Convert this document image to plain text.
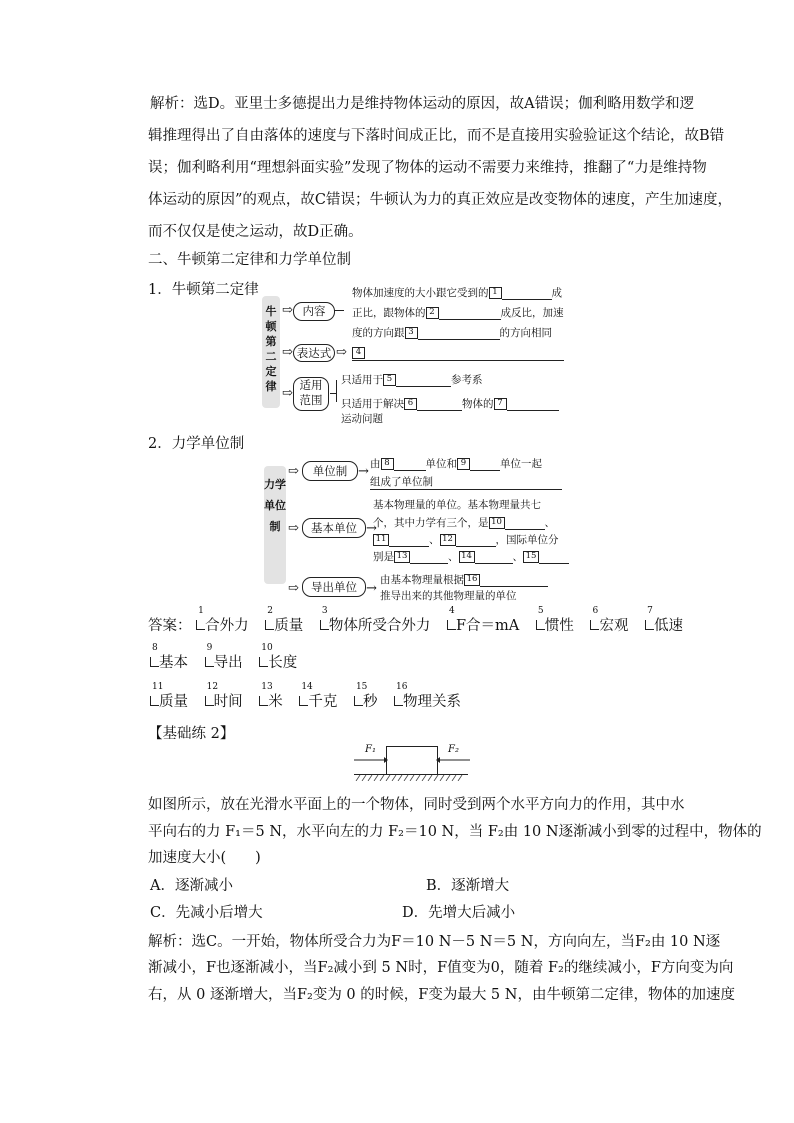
解析：选D。亚里士多德提出力是维持物体运动的原因，故A错误；伽利略用数学和逻
辑推理得出了自由落体的速度与下落时间成正比，而不是直接用实验验证这个结论，故B错
误；伽利略利用“理想斜面实验”发现了物体的运动不需要力来维持，推翻了“力是维持物
体运动的原因”的观点，故C错误；牛顿认为力的真正效应是改变物体的速度，产生加速度，
而不仅仅是使之运动，故D正确。
二、牛顿第二定律和力学单位制
1．牛顿第二定律
牛顿第二定律
⇨ 内容
⇨ 表达式 ⇨
⇨
适用
范围
物体加速度的大小跟它受到的 1	成
正比，跟物体的 2	成反比，加速
度的方向跟 3	的方向相同
4
只适用于 5	参考系
只适用于解决 6	物体的 7
运动问题
2．力学单位制
力学单位制
⇨	单位制
⇨	基本单位
⇨	导出单位
→
→
→
由 8	单位和 9	单位一起
组成了单位制
基本物理量的单位。基本物理量共七
个，其中力学有三个，是 10	、
11	、 12	，国际单位分
别是 13	、 14	、 15
由基本物理量根据 16
推导出来的其他物理量的单位
答案：
1
合外力
2
质量
3
物体所受合外力
4
F合＝mA
5
惯性
6
宏观
7
低速
8
基本
9
导出
10
长度
11
质量
12
时间
13
米
14
千克
15
秒
16
物理关系
【基础练 2】
F₁	F₂
如图所示，放在光滑水平面上的一个物体，同时受到两个水平方向力的作用，其中水
平向右的力 F₁＝5 N，水平向左的力 F₂＝10 N，当 F₂由 10 N逐渐减小到零的过程中，物体的
加速度大小(　　)
A．逐渐减小	B．逐渐增大
C．先减小后增大	D．先增大后减小
解析：选C。一开始，物体所受合力为F＝10 N－5 N＝5 N，方向向左，当F₂由 10 N逐
渐减小，F也逐渐减小，当F₂减小到 5 N时，F值变为0，随着 F₂的继续减小，F方向变为向
右，从 0 逐渐增大，当F₂变为 0 的时候，F变为最大 5 N，由牛顿第二定律，物体的加速度
